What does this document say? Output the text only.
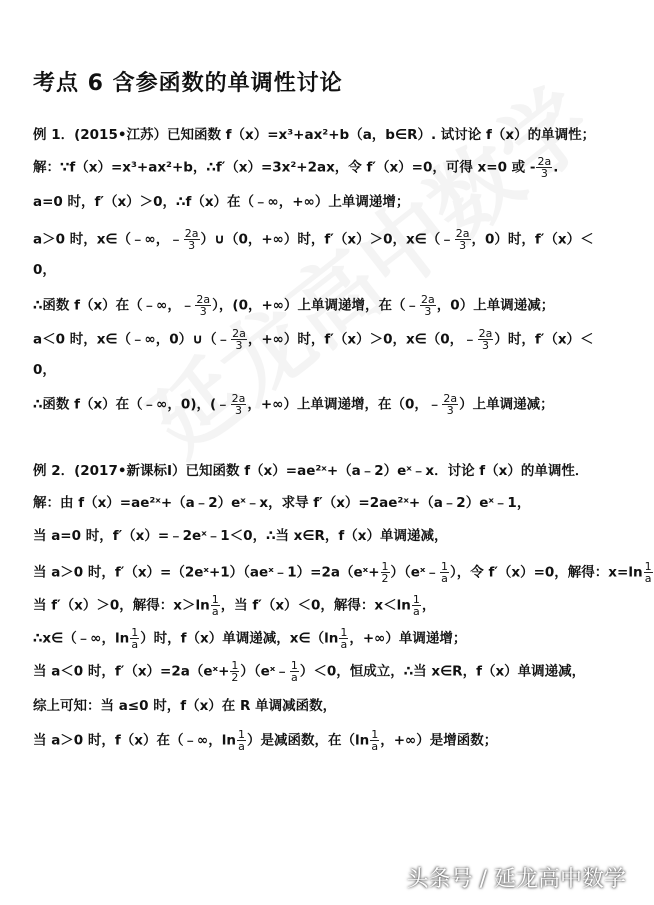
考点 6 含参函数的单调性讨论
例 1．(2015•江苏）已知函数 f（x）=x³+ax²+b（a，b∈R）. 试讨论 f（x）的单调性；
解：∵f（x）=x³+ax²+b，∴f′（x）=3x²+2ax，令 f′（x）=0，可得 x=0 或 - $\frac{2a}{3}$ .
a=0 时，f′（x）＞0，∴f（x）在（﹣∞，+∞）上单调递增；
a＞0 时，x∈（﹣∞，﹣ $\frac{2a}{3}$ ）∪（0，+∞）时，f′（x）＞0，x∈（﹣ $\frac{2a}{3}$ ，0）时，f′（x）＜
0，
∴函数 f（x）在（﹣∞，﹣ $\frac{2a}{3}$ ），(0，+∞）上单调递增，在（﹣ $\frac{2a}{3}$ ，0）上单调递减；
a＜0 时，x∈（﹣∞，0）∪（﹣ $\frac{2a}{3}$ ，+∞）时，f′（x）＞0，x∈（0，﹣ $\frac{2a}{3}$ ）时，f′（x）＜
0，
∴函数 f（x）在（﹣∞，0)，(﹣ $\frac{2a}{3}$ ，+∞）上单调递增，在（0，﹣ $\frac{2a}{3}$ ）上单调递减；
例 2．(2017•新课标Ⅰ）已知函数 f（x）=ae²ˣ+（a﹣2）eˣ﹣x．讨论 f（x）的单调性．
解：由 f（x）=ae²ˣ+（a﹣2）eˣ﹣x，求导 f′（x）=2ae²ˣ+（a﹣2）eˣ﹣1，
当 a=0 时，f′（x）=﹣2eˣ﹣1＜0，∴当 x∈R，f（x）单调递减，
当 a＞0 时，f′（x）=（2eˣ+1）（aeˣ﹣1）=2a（eˣ+ $\frac{1}{2}$ ）（eˣ﹣ $\frac{1}{a}$ ），令 f′（x）=0，解得：$x=\ln \frac{1}{a}$
当 f′（x）＞0，解得：$x>\ln \frac{1}{a}$ ，当 f′（x）＜0，解得：$x<\ln \frac{1}{a}$ ，
∴x∈（﹣∞，$\ln \frac{1}{a}$ ）时，f（x）单调递减，x∈（ln $\frac{1}{a}$ ，+∞）单调递增；
当 a＜0 时，f′（x）=2a（eˣ+ $\frac{1}{2}$ ）（eˣ﹣ $\frac{1}{a} )<0$，恒成立，∴当 x∈R，f（x）单调递减，
综上可知：当 a≤0 时，f（x）在 R 单调减函数，
当 a＞0 时，f（x）在（﹣∞，$\ln \frac{1}{a}$ ）是减函数，在（$\ln \frac{1}{a}$ ，+∞）是增函数；
头条号 / 延龙高中数学
